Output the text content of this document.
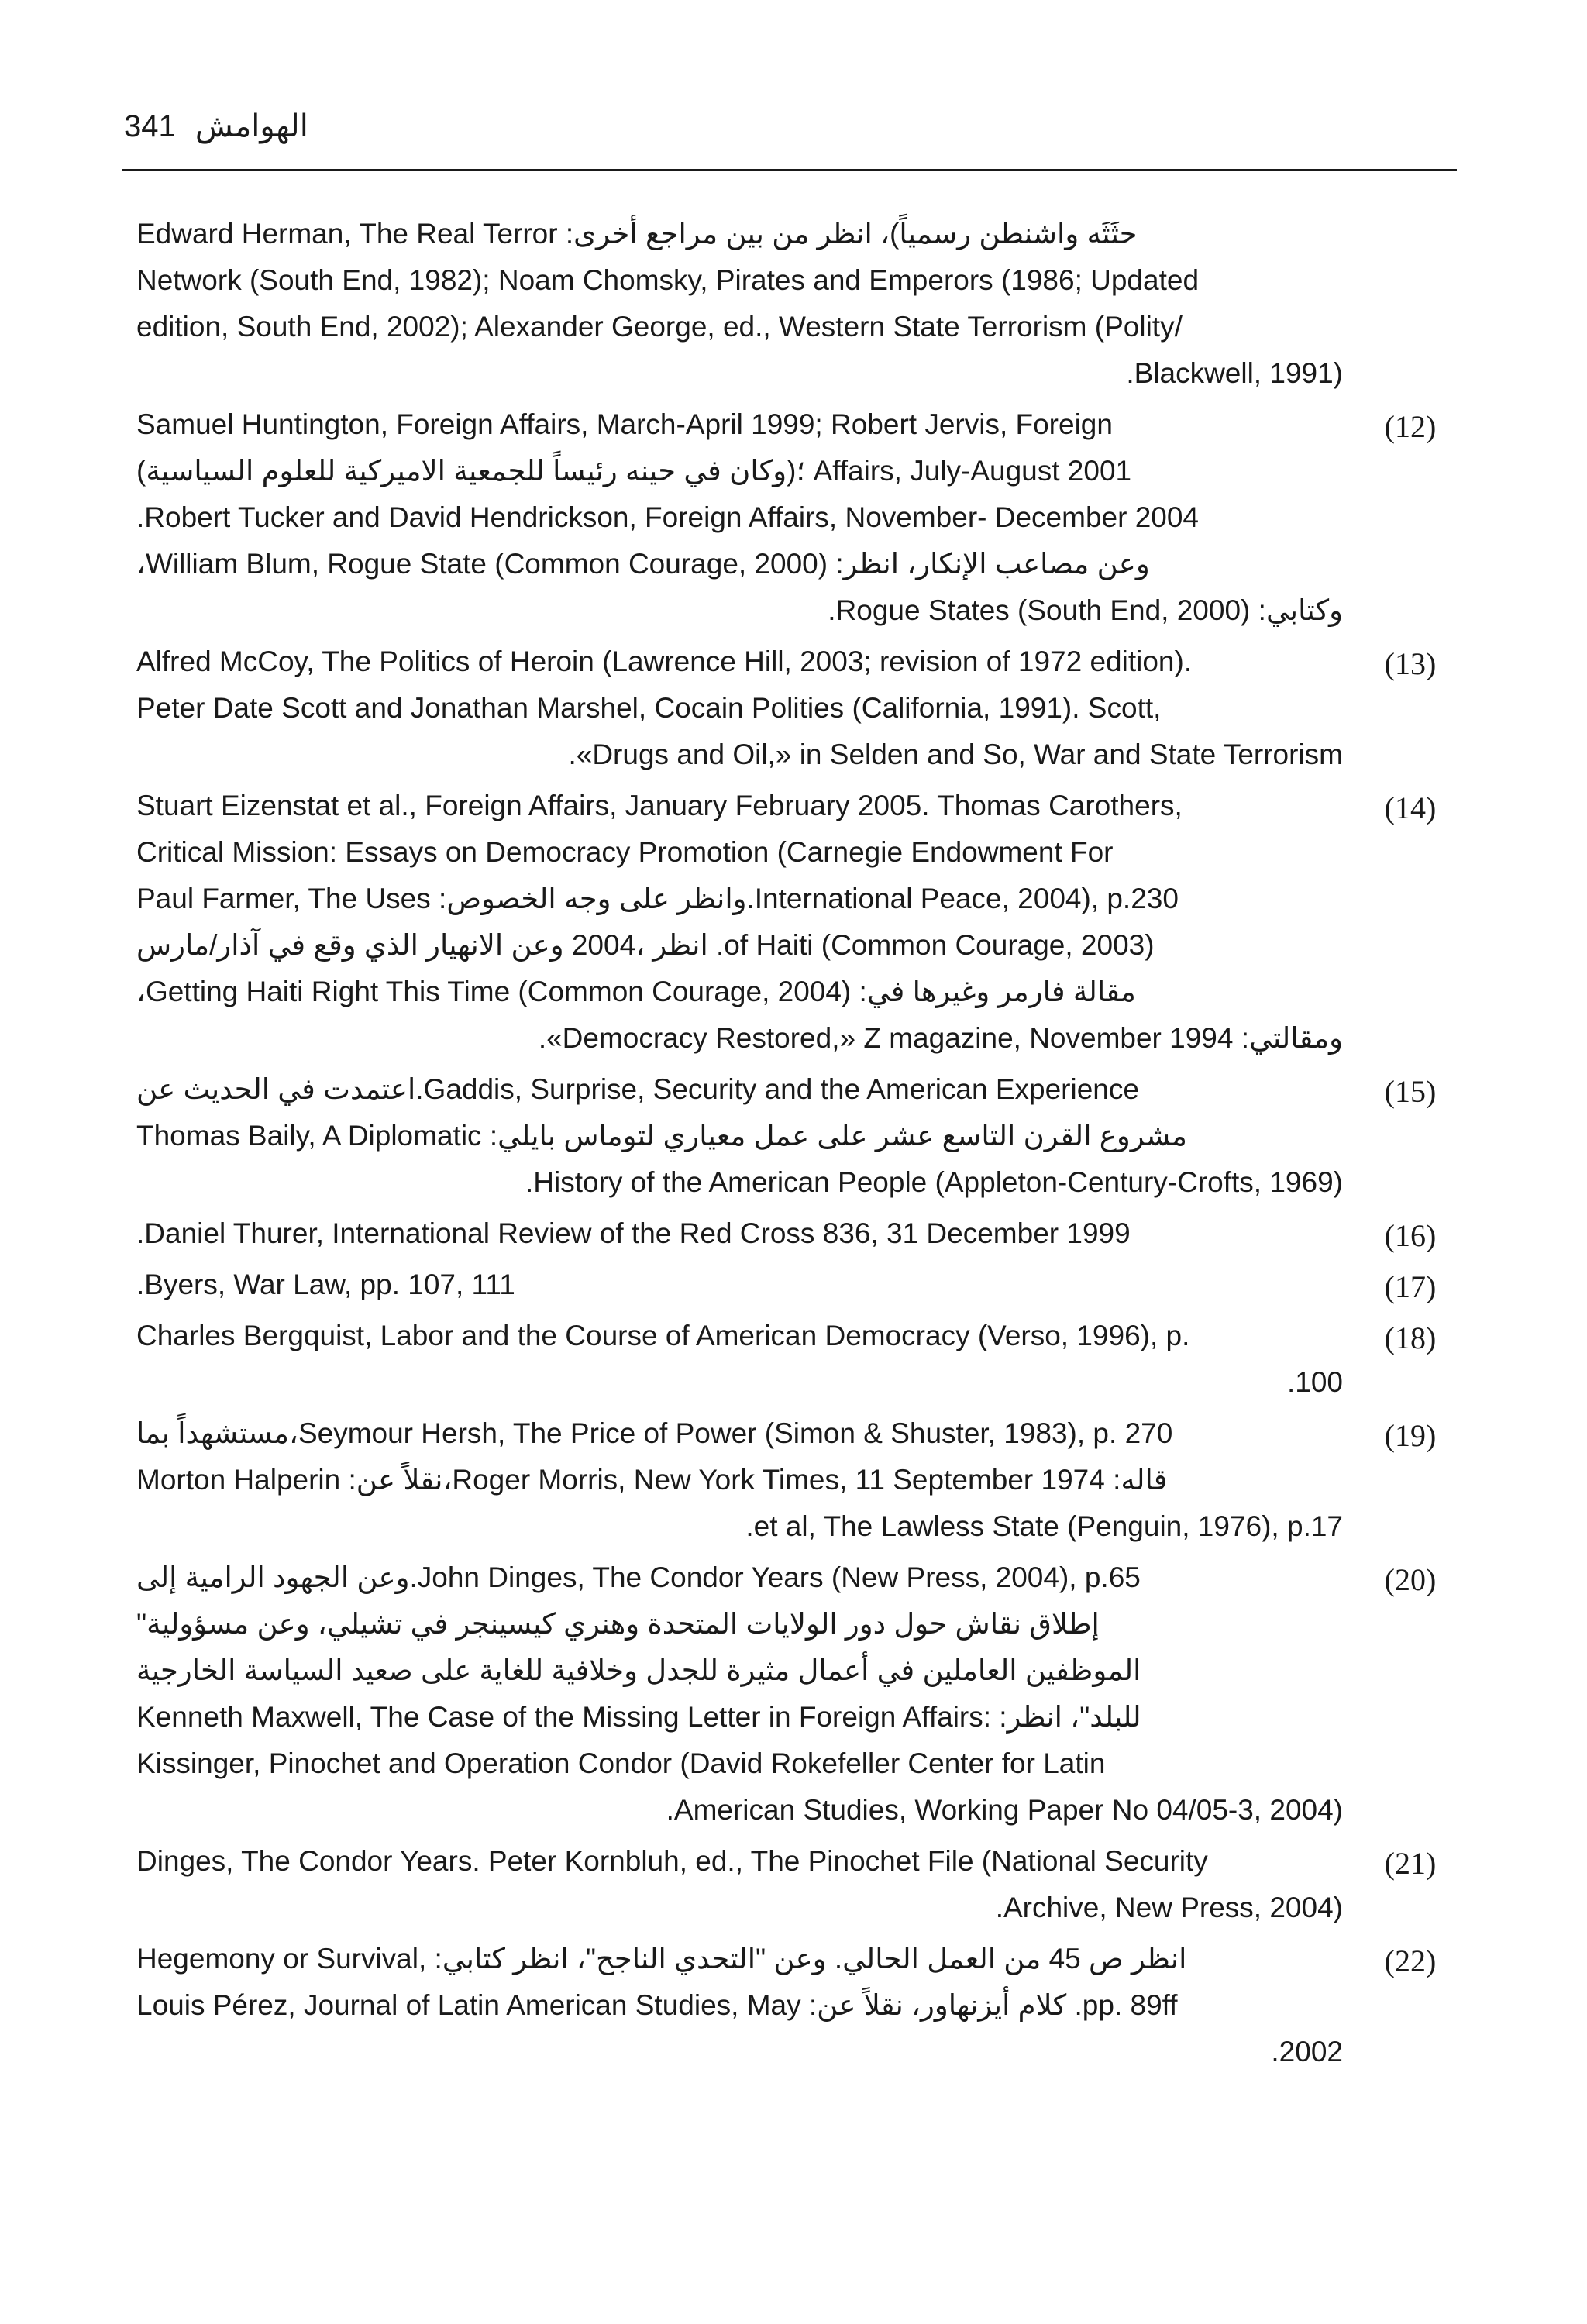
341 الهوامش
Edward Herman, The Real Terror :حثَثَه واشنطن رسمياً)، انظر من بين مراجع أخرى
Network (South End, 1982); Noam Chomsky, Pirates and Emperors (1986; Updated
edition, South End, 2002); Alexander George, ed., Western State Terrorism (Polity/
.Blackwell, 1991)
(12)
Samuel Huntington, Foreign Affairs, March-April 1999; Robert Jervis, Foreign
؛(وكان في حينه رئيساً للجمعية الاميركية للعلوم السياسية) Affairs, July-August 2001
.Robert Tucker and David Hendrickson, Foreign Affairs, November- December 2004
،William Blum, Rogue State (Common Courage, 2000) :وعن مصاعب الإنكار، انظر
.Rogue States (South End, 2000) :وكتابي
(13)
Alfred McCoy, The Politics of Heroin (Lawrence Hill, 2003; revision of 1972 edition).
Peter Date Scott and Jonathan Marshel, Cocain Polities (California, 1991). Scott,
.«Drugs and Oil,» in Selden and So, War and State Terrorism
(14)
Stuart Eizenstat et al., Foreign Affairs, January February 2005. Thomas Carothers,
Critical Mission: Essays on Democracy Promotion (Carnegie Endowment For
Paul Farmer, The Uses :وانظر على وجه الخصوص.International Peace, 2004), p.230
انظر ،2004 وعن الانهيار الذي وقع في آذار/مارس .of Haiti (Common Courage, 2003)
،Getting Haiti Right This Time (Common Courage, 2004) :مقالة فارمر وغيرها في
.«Democracy Restored,» Z magazine, November 1994 :ومقالتي
(15)
اعتمدت في الحديث عن.Gaddis, Surprise, Security and the American Experience
Thomas Baily, A Diplomatic :مشروع القرن التاسع عشر على عمل معياري لتوماس بايلي
.History of the American People (Appleton-Century-Crofts, 1969)
(16)
.Daniel Thurer, International Review of the Red Cross 836, 31 December 1999
(17)
.Byers, War Law, pp. 107, 111
(18)
Charles Bergquist, Labor and the Course of American Democracy (Verso, 1996), p.
.100
(19)
مستشهداً بما،Seymour Hersh, The Price of Power (Simon & Shuster, 1983), p. 270
Morton Halperin :نقلاً عن،Roger Morris, New York Times, 11 September 1974 :قاله
.et al, The Lawless State (Penguin, 1976), p.17
(20)
وعن الجهود الرامية إلى.John Dinges, The Condor Years (New Press, 2004), p.65
"إطلاق نقاش حول دور الولايات المتحدة وهنري كيسينجر في تشيلي، وعن مسؤولية
الموظفين العاملين في أعمال مثيرة للجدل وخلافية للغاية على صعيد السياسة الخارجية
Kenneth Maxwell, The Case of the Missing Letter in Foreign Affairs: :للبلد"، انظر
Kissinger, Pinochet and Operation Condor (David Rokefeller Center for Latin
.American Studies, Working Paper No 04/05-3, 2004)
(21)
Dinges, The Condor Years. Peter Kornbluh, ed., The Pinochet File (National Security
.Archive, New Press, 2004)
(22)
Hegemony or Survival, :انظر ص 45 من العمل الحالي. وعن "التحدي الناجح"، انظر كتابي
Louis Pérez, Journal of Latin American Studies, May :كلام أيزنهاور، نقلاً عن .pp. 89ff
.2002
